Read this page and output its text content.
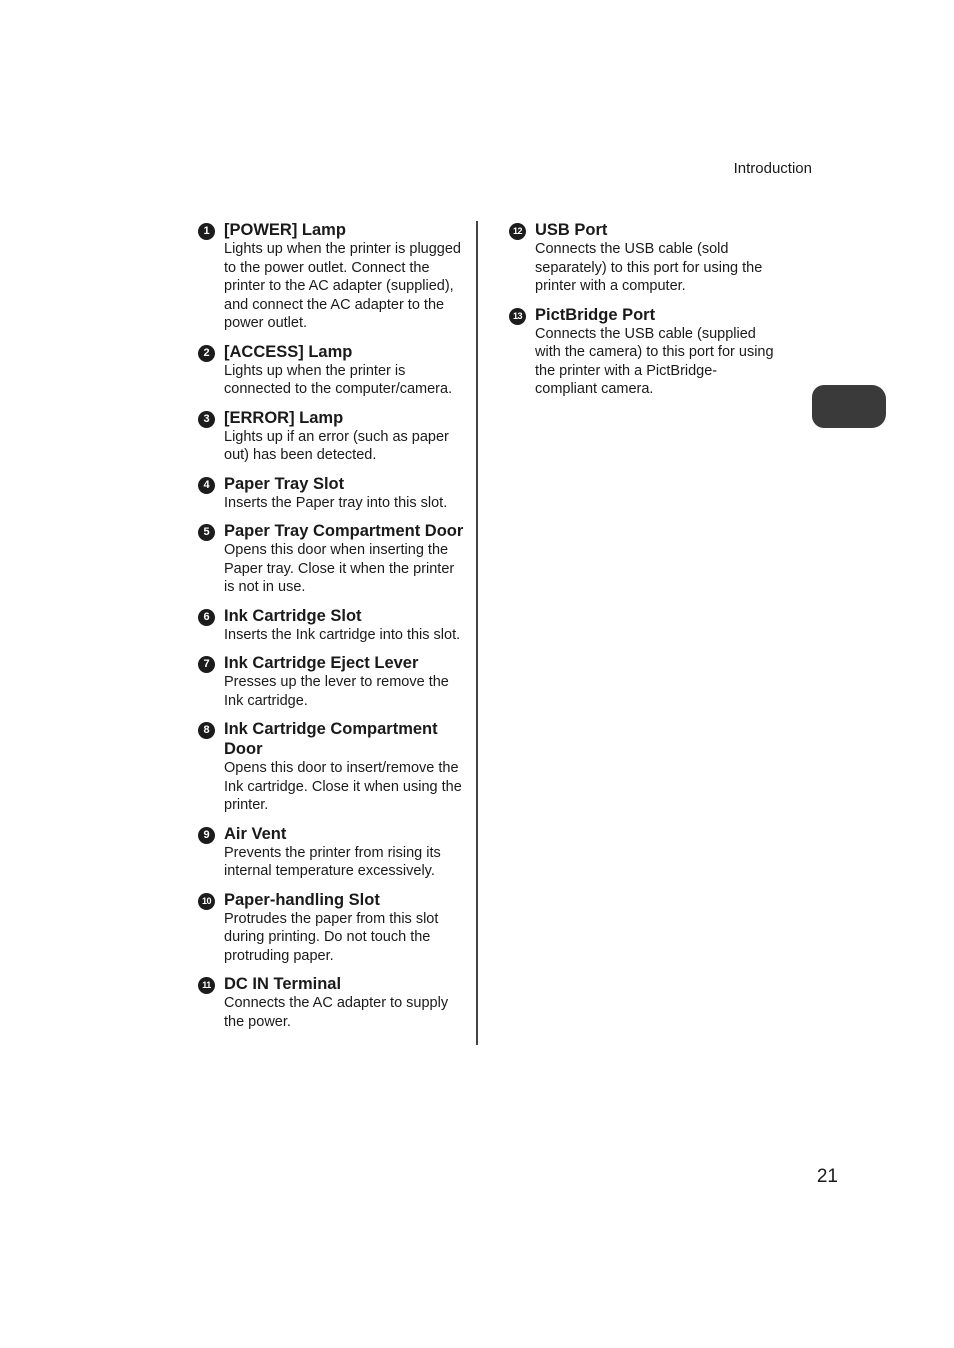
Introduction
1 [POWER] Lamp
Lights up when the printer is plugged
to the power outlet. Connect the
printer to the AC adapter (supplied),
and connect the AC adapter to the
power outlet.
2 [ACCESS] Lamp
Lights up when the printer is
connected to the computer/camera.
3 [ERROR] Lamp
Lights up if an error (such as paper
out) has been detected.
4 Paper Tray Slot
Inserts the Paper tray into this slot.
5 Paper Tray Compartment Door
Opens this door when inserting the
Paper tray. Close it when the printer
is not in use.
6 Ink Cartridge Slot
Inserts the Ink cartridge into this slot.
7 Ink Cartridge Eject Lever
Presses up the lever to remove the
Ink cartridge.
8 Ink Cartridge Compartment
Door
Opens this door to insert/remove the
Ink cartridge. Close it when using the
printer.
9 Air Vent
Prevents the printer from rising its
internal temperature excessively.
10 Paper-handling Slot
Protrudes the paper from this slot
during printing. Do not touch the
protruding paper.
11 DC IN Terminal
Connects the AC adapter to supply
the power.
12 USB Port
Connects the USB cable (sold
separately) to this port for using the
printer with a computer.
13 PictBridge Port
Connects the USB cable (supplied
with the camera) to this port for using
the printer with a PictBridge-
compliant camera.
21
